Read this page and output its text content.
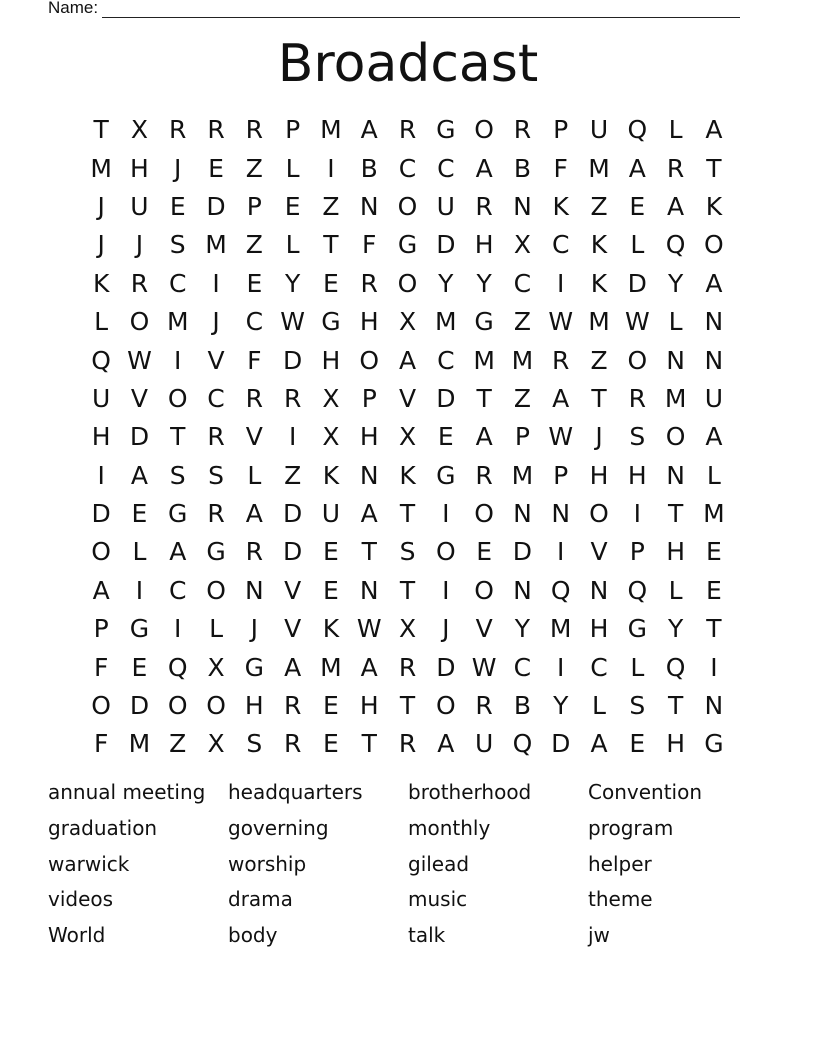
Name:
Broadcast
T X R R R P M A R G O R P U Q L A
M H	J	E Z L	I	B C C A B F M A R T
J	U E D P E Z N O U R N K Z E A K
J	J	S M Z L T F G D H X C K L Q O
K R C	I	E Y E R O Y Y C	I	K D Y A
L O M J	C W G H X M G Z W M W L N
Q W I	V F D H O A C M M R Z O N N
U V O C R R X P V D T Z A T R M U
H D T R V	I	X H X E A P W J	S O A
I	A S S L Z K N K G R M P H H N L
D E G R A D U A T	I O N N O I	T M
O L A G R D E T S O E D I	V P H E
A	I	C O N V E N T	I O N Q N Q L E
P G I	L	J	V K W X	J	V Y M H G Y T
F E Q X G A M A R D W C	I	C L Q I
O D O O H R E H T O R B Y L S T N
F M Z X S R E T R A U Q D A E H G
annual meeting	headquarters	brotherhood	Convention
graduation	governing	monthly	program
warwick	worship	gilead	helper
videos	drama	music	theme
World	body	talk	jw
